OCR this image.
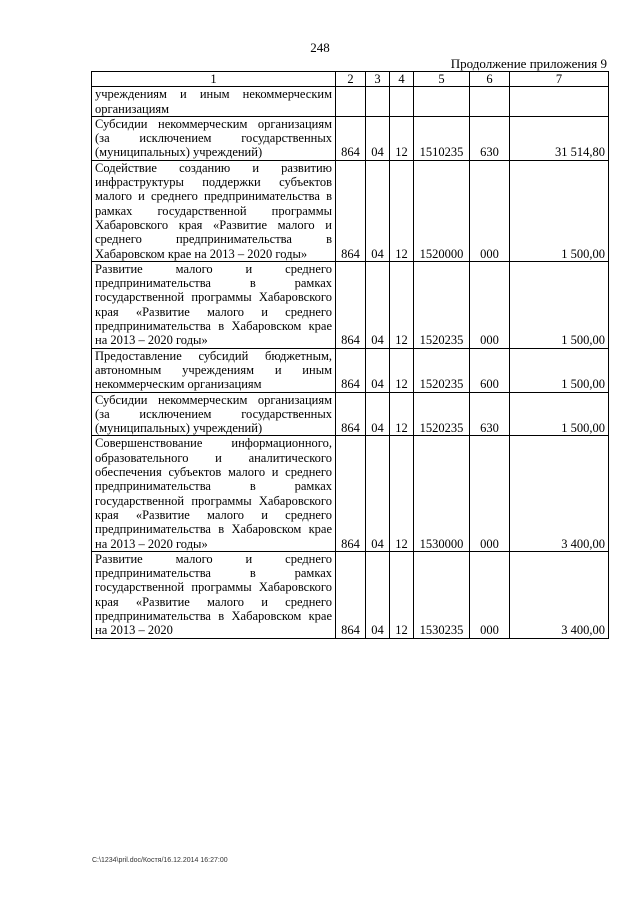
248
Продолжение приложения 9
1	2	3	4	5	6	7
учреждениям и иным некоммерческим организациям						
Субсидии некоммерческим организациям (за исключением государственных (муниципальных) учреждений)	864	04	12	1510235	630	31 514,80
Содействие созданию и развитию инфраструктуры поддержки субъектов малого и среднего предпринимательства в рамках государственной программы Хабаровского края «Развитие малого и среднего предпринимательства в Хабаровском крае на 2013 – 2020 годы»	864	04	12	1520000	000	1 500,00
Развитие малого и среднего предпринимательства в рамках государственной программы Хабаровского края «Развитие малого и среднего предпринимательства в Хабаровском крае на 2013 – 2020 годы»	864	04	12	1520235	000	1 500,00
Предоставление субсидий бюджетным, автономным учреждениям и иным некоммерческим организациям	864	04	12	1520235	600	1 500,00
Субсидии некоммерческим организациям (за исключением государственных (муниципальных) учреждений)	864	04	12	1520235	630	1 500,00
Совершенствование информационного, образовательного и аналитического обеспечения субъектов малого и среднего предпринимательства в рамках государственной программы Хабаровского края «Развитие малого и среднего предпринимательства в Хабаровском крае на 2013 – 2020 годы»	864	04	12	1530000	000	3 400,00
Развитие малого и среднего предпринимательства в рамках государственной программы Хабаровского края «Развитие малого и среднего предпринимательства в Хабаровском крае на 2013 – 2020	864	04	12	1530235	000	3 400,00
C:\1234\pril.doc/Костя/16.12.2014 16:27:00
